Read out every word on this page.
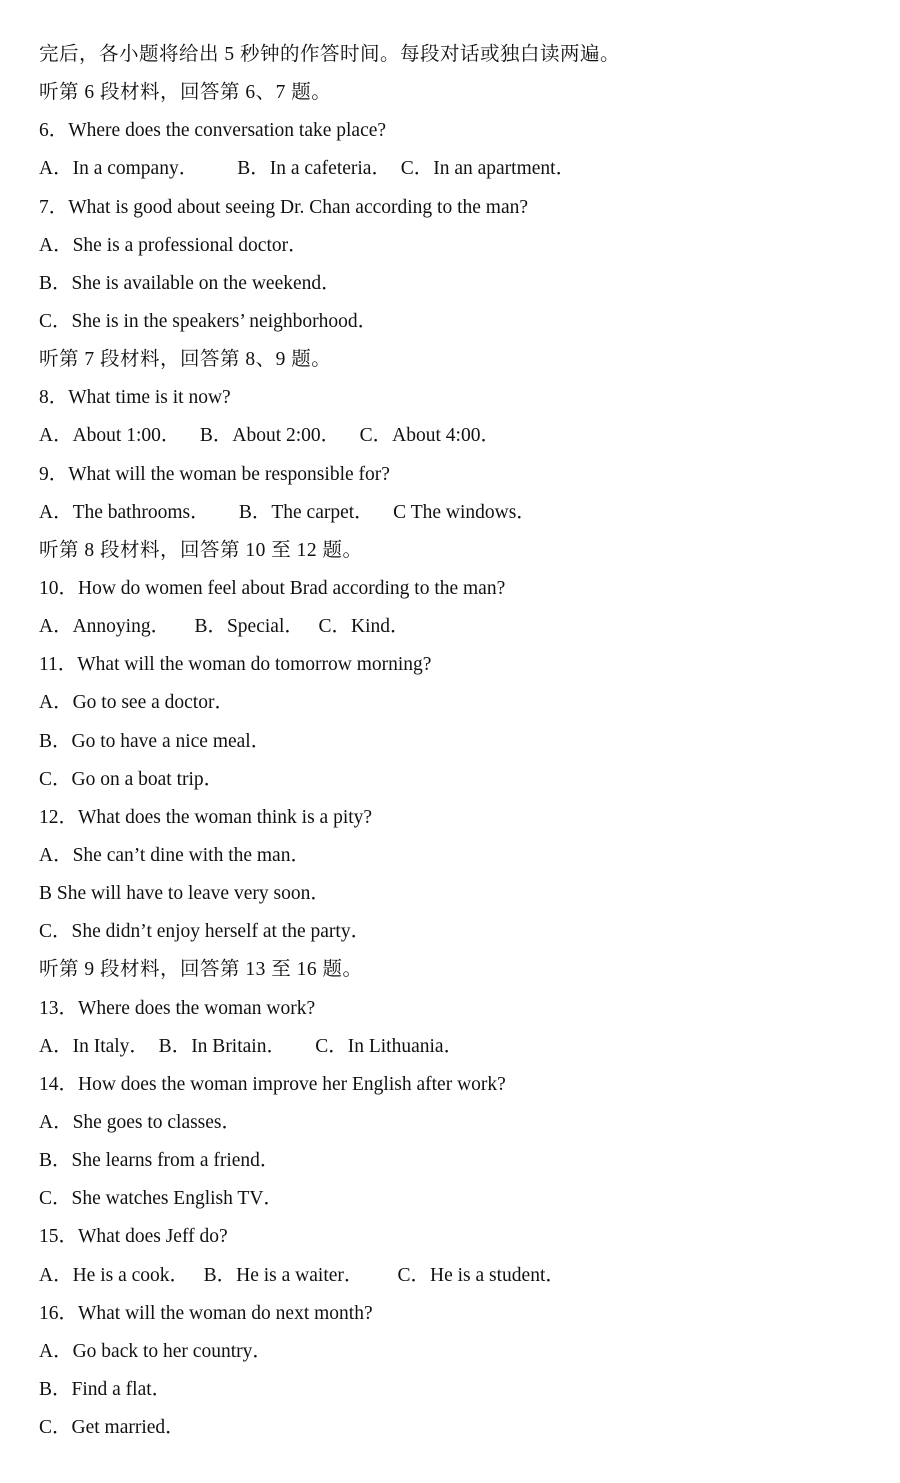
完后，各小题将给出 5 秒钟的作答时间。每段对话或独白读两遍。
听第 6 段材料，回答第 6、7 题。
6．Where does the conversation take place?
A．In a company．        B．In a cafeteria．  C．In an apartment．
7．What is good about seeing Dr. Chan according to the man?
A．She is a professional doctor．
B．She is available on the weekend．
C．She is in the speakers’ neighborhood．
听第 7 段材料，回答第 8、9 题。
8．What time is it now?
A．About 1:00．    B．About 2:00．    C．About 4:00．
9．What will the woman be responsible for?
A．The bathrooms．      B．The carpet．    C The windows．
听第 8 段材料，回答第 10 至 12 题。
10．How do women feel about Brad according to the man?
A．Annoying．     B．Special．   C．Kind．
11．What will the woman do tomorrow morning?
A．Go to see a doctor．
B．Go to have a nice meal．
C．Go on a boat trip．
12．What does the woman think is a pity?
A．She can’t dine with the man．
B She will have to leave very soon．
C．She didn’t enjoy herself at the party．
听第 9 段材料，回答第 13 至 16 题。
13．Where does the woman work?
A．In Italy．  B．In Britain．      C．In Lithuania．
14．How does the woman improve her English after work?
A．She goes to classes．
B．She learns from a friend．
C．She watches English TV．
15．What does Jeff do?
A．He is a cook．   B．He is a waiter．       C．He is a student．
16．What will the woman do next month?
A．Go back to her country．
B．Find a flat．
C．Get married．
